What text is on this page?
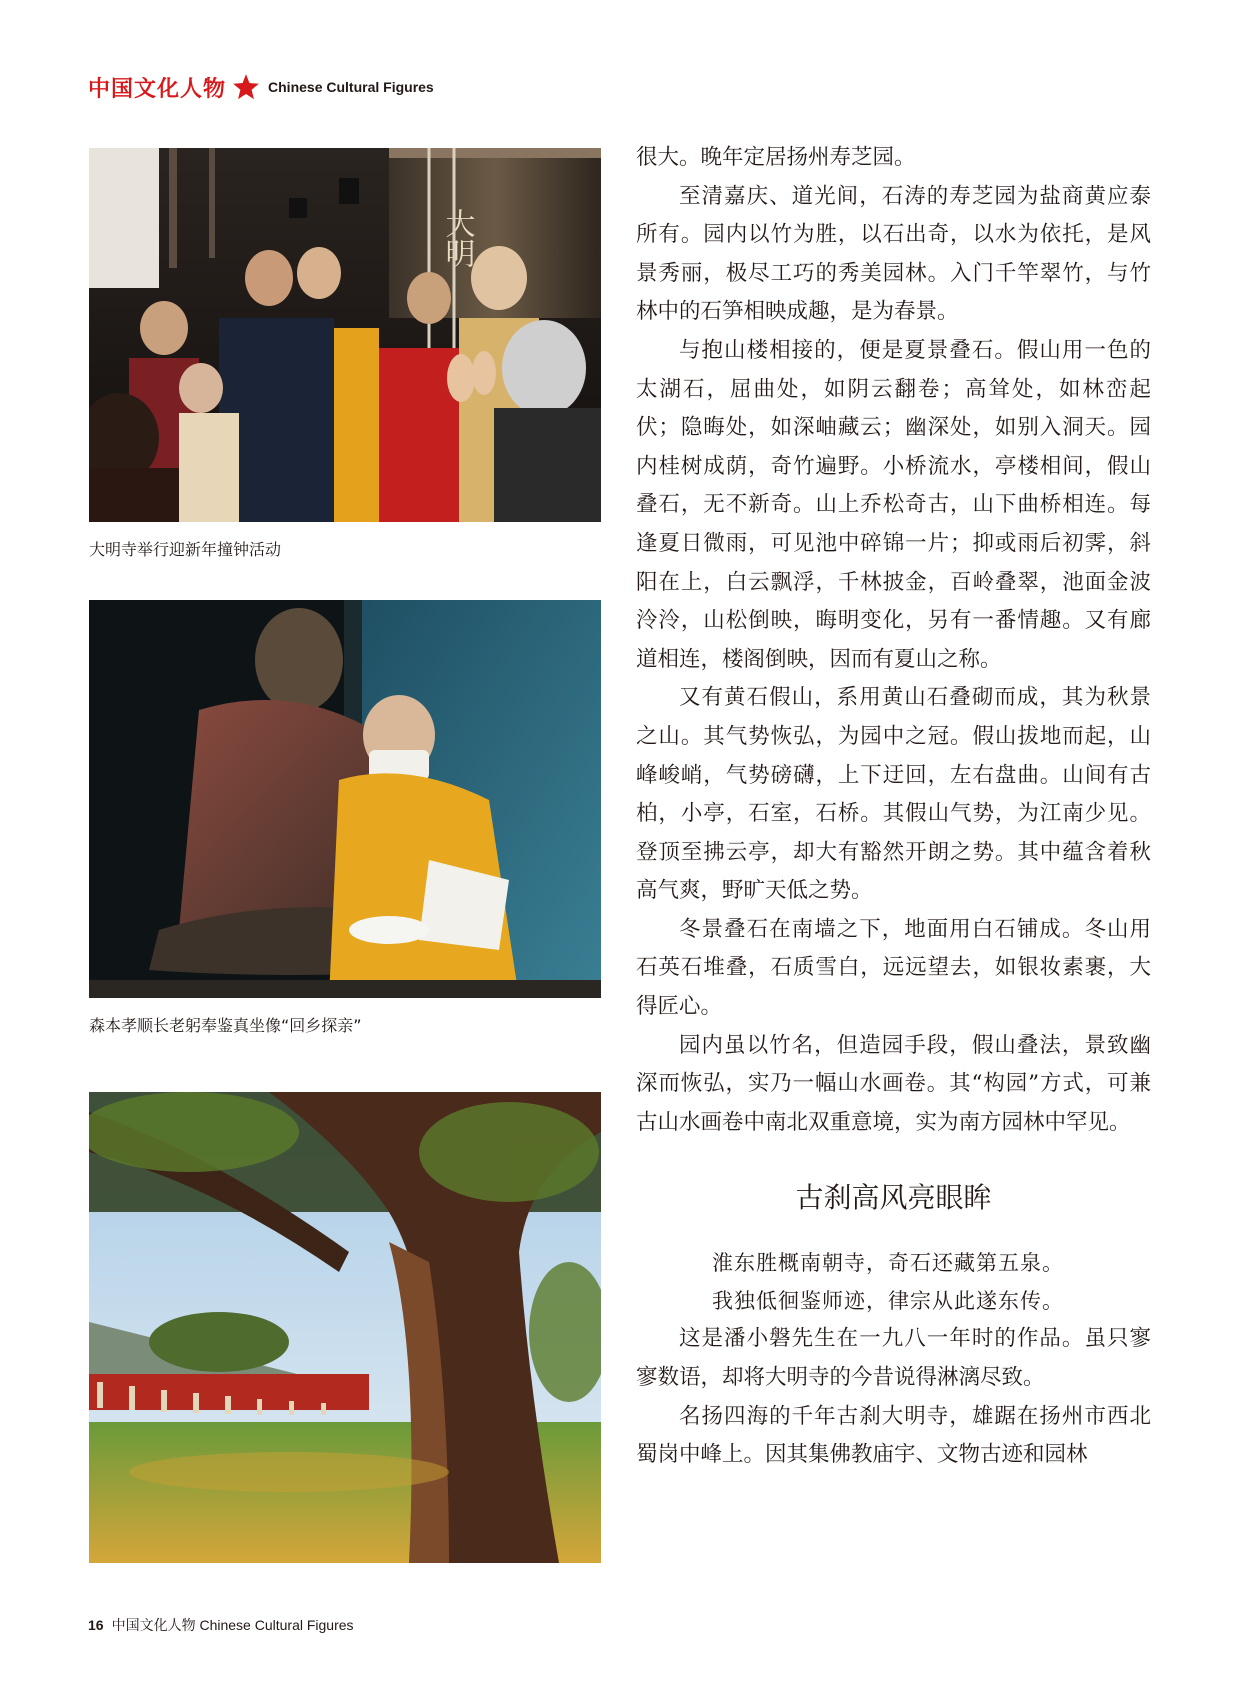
中国文化人物	Chinese Cultural Figures
大明
大明寺举行迎新年撞钟活动
森本孝顺长老躬奉鉴真坐像“回乡探亲”

很大。晚年定居扬州寿芝园。

至清嘉庆、道光间，石涛的寿芝园为盐商黄应泰所有。园内以竹为胜，以石出奇，以水为依托，是风景秀丽，极尽工巧的秀美园林。入门千竿翠竹，与竹林中的石笋相映成趣，是为春景。

与抱山楼相接的，便是夏景叠石。假山用一色的太湖石，屈曲处，如阴云翻卷；高耸处，如林峦起伏；隐晦处，如深岫藏云；幽深处，如别入洞天。园内桂树成荫，奇竹遍野。小桥流水，亭楼相间，假山叠石，无不新奇。山上乔松奇古，山下曲桥相连。每逢夏日微雨，可见池中碎锦一片；抑或雨后初霁，斜阳在上，白云飘浮，千林披金，百岭叠翠，池面金波泠泠，山松倒映，晦明变化，另有一番情趣。又有廊道相连，楼阁倒映，因而有夏山之称。

又有黄石假山，系用黄山石叠砌而成，其为秋景之山。其气势恢弘，为园中之冠。假山拔地而起，山峰峻峭，气势磅礴，上下迂回，左右盘曲。山间有古柏，小亭，石室，石桥。其假山气势，为江南少见。登顶至拂云亭，却大有豁然开朗之势。其中蕴含着秋高气爽，野旷天低之势。

冬景叠石在南墙之下，地面用白石铺成。冬山用石英石堆叠，石质雪白，远远望去，如银妆素裹，大得匠心。

园内虽以竹名，但造园手段，假山叠法，景致幽深而恢弘，实乃一幅山水画卷。其“构园”方式，可兼古山水画卷中南北双重意境，实为南方园林中罕见。

古刹高风亮眼眸

淮东胜概南朝寺，奇石还藏第五泉。

我独低徊鉴师迹，律宗从此遂东传。

这是潘小磐先生在一九八一年时的作品。虽只寥寥数语，却将大明寺的今昔说得淋漓尽致。

名扬四海的千年古刹大明寺，雄踞在扬州市西北蜀岗中峰上。因其集佛教庙宇、文物古迹和园林

16 中国文化人物 Chinese Cultural Figures
